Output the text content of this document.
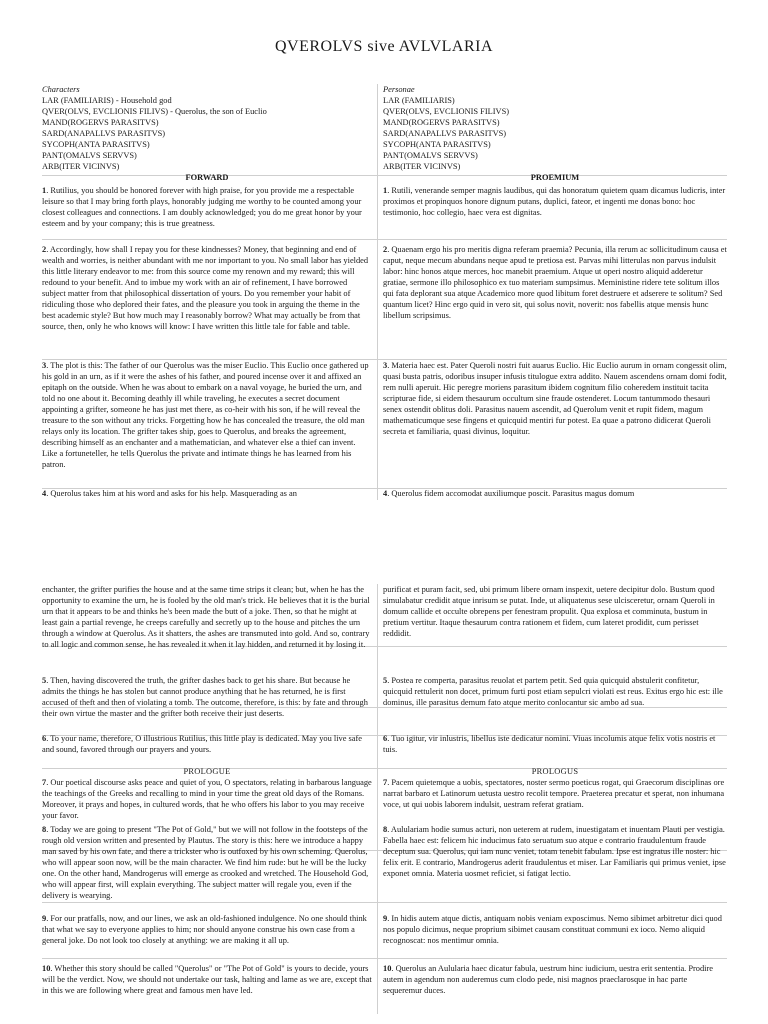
QVEROLVS sive AVLVLARIA
Characters
LAR (FAMILIARIS) - Household god
QVER(OLVS, EVCLIONIS FILIVS) - Querolus, the son of Euclio
MAND(ROGERVS PARASITVS)
SARD(ANAPALLVS PARASITVS)
SYCOPH(ANTA PARASITVS)
PANT(OMALVS SERVVS)
ARB(ITER VICINVS)
FORWARD

1. Rutilius, you should be honored forever with high praise, for you provide me a respectable leisure so that I may bring forth plays, honorably judging me worthy to be counted among your closest colleagues and connections. I am doubly acknowledged; you do me great honor by your esteem and by your company; this is true greatness.

2. Accordingly, how shall I repay you for these kindnesses? Money, that beginning and end of wealth and worries, is neither abundant with me nor important to you. No small labor has yielded this little literary endeavor to me: from this source come my renown and my reward; this will redound to your benefit. And to imbue my work with an air of refinement, I have borrowed subject matter from that philosophical dissertation of yours. Do you remember your habit of ridiculing those who deplored their fates, and the pleasure you took in arguing the theme in the best academic style? But how much may I reasonably borrow? What may actually be from that source, then, only he who knows will know: I have written this little tale for fable and table.

3. The plot is this: The father of our Querolus was the miser Euclio. This Euclio once gathered up his gold in an urn, as if it were the ashes of his father, and poured incense over it and affixed an epitaph on the outside. When he was about to embark on a naval voyage, he buried the urn, and told no one about it. Becoming deathly ill while traveling, he executes a secret document appointing a grifter, someone he has just met there, as co-heir with his son, if he will reveal the treasure to the son without any tricks. Forgetting how he has concealed the treasure, the old man relays only its location. The grifter takes ship, goes to Querolus, and breaks the agreement, describing himself as an enchanter and a mathematician, and whatever else a thief can invent. Like a fortuneteller, he tells Querolus the private and intimate things he has learned from his patron.

4. Querolus takes him at his word and asks for his help. Masquerading as an

enchanter, the grifter purifies the house and at the same time strips it clean; but, when he has the opportunity to examine the urn, he is fooled by the old man's trick. He believes that it is the burial urn that it appears to be and thinks he's been made the butt of a joke. Then, so that he might at least gain a partial revenge, he creeps carefully and secretly up to the house and pitches the urn through a window at Querolus. As it shatters, the ashes are transmuted into gold. And so, contrary to all logic and common sense, he has revealed it when it lay hidden, and returned it by losing it.

5. Then, having discovered the truth, the grifter dashes back to get his share. But because he admits the things he has stolen but cannot produce anything that he has returned, he is first accused of theft and then of violating a tomb. The outcome, therefore, is this: by fate and through their own virtue the master and the grifter both receive their just deserts.

6. To your name, therefore, O illustrious Rutilius, this little play is dedicated. May you live safe and sound, favored through our prayers and yours.

PROLOGUE

7. Our poetical discourse asks peace and quiet of you, O spectators, relating in barbarous language the teachings of the Greeks and recalling to mind in your time the great old days of the Romans. Moreover, it prays and hopes, in cultured words, that he who offers his labor to you may receive your favor.

8. Today we are going to present "The Pot of Gold," but we will not follow in the footsteps of the rough old version written and presented by Plautus. The story is this: here we introduce a happy man saved by his own fate, and there a trickster who is outfoxed by his own scheming. Querolus, who will appear soon now, will be the main character. We find him rude: but he will be the lucky one. On the other hand, Mandrogerus will emerge as crooked and wretched. The Household God, who will appear first, will explain everything. The subject matter will regale you, even if the delivery is wearying.

9. For our pratfalls, now, and our lines, we ask an old-fashioned indulgence. No one should think that what we say to everyone applies to him; nor should anyone construe his own case from a general joke. Do not look too closely at anything: we are making it all up.

10. Whether this story should be called "Querolus" or "The Pot of Gold" is yours to decide, yours will be the verdict. Now, we should not undertake our task, halting and lame as we are, except that in this we are following where great and famous men have led.

Personae
LAR (FAMILIARIS)
QVER(OLVS, EVCLIONIS FILIVS)
MAND(ROGERVS PARASITVS)
SARD(ANAPALLVS PARASITVS)
SYCOPH(ANTA PARASITVS)
PANT(OMALVS SERVVS)
ARB(ITER VICINVS)
PROEMIUM

1. Rutili, venerande semper magnis laudibus, qui das honoratum quietem quam dicamus ludicris, inter proximos et propinquos honore dignum putans, duplici, fateor, et ingenti me donas bono: hoc testimonio, hoc collegio, haec vera est dignitas.

2. Quaenam ergo his pro meritis digna referam praemia? Pecunia, illa rerum ac sollicitudinum causa et caput, neque mecum abundans neque apud te pretiosa est. Parvas mihi litterulas non parvus indulsit labor: hinc honos atque merces, hoc manebit praemium. Atque ut operi nostro aliquid adderetur gratiae, sermone illo philosophico ex tuo materiam sumpsimus. Meministine ridere tete solitum illos qui fata deplorant sua atque Academico more quod libitum foret destruere et adserere te solitum? Sed quantum licet? Hinc ergo quid in vero sit, qui solus novit, noverit: nos fabellis atque mensis hunc libellum scripsimus.

3. Materia haec est. Pater Queroli nostri fuit auarus Euclio. Hic Euclio aurum in ornam congessit olim, quasi busta patris, odoribus insuper infusis titulogue extra addito. Nauem ascendens ornam domi fodit, rem nulli aperuit. Hic peregre moriens parasitum ibidem cognitum filio coheredem instituit tacita scripturae fide, si eidem thesaurum occultum sine fraude ostenderet. Locum tantummodo thesauri senex ostendit oblitus doli. Parasitus nauem ascendit, ad Querolum venit et rupit fidem, magum mathematicumque sese fingens et quicquid mentiri fur potest. Ea quae a patrono didicerat Queroli secreta et familiaria, quasi divinus, loquitur.

4. Querolus fidem accomodat auxiliumque poscit. Parasitus magus domum

purificat et puram facit, sed, ubi primum libere ornam inspexit, uetere decipitur dolo. Bustum quod simulabatur credidit atque inrisum se putat. Inde, ut aliquatenus sese ulcisceretur, ornam Queroli in domum callide et occulte obrepens per fenestram propulit. Qua explosa et comminuta, bustum in pretium vertitur. Itaque thesaurum contra rationem et fidem, cum lateret prodidit, cum perisset reddidit.

5. Postea re comperta, parasitus reuolat et partem petit. Sed quia quicquid abstulerit confitetur, quicquid rettulerit non docet, primum furti post etiam sepulcri violati est reus. Exitus ergo hic est: ille dominus, ille parasitus demum fato atque merito conlocantur sic ambo ad sua.

6. Tuo igitur, vir inlustris, libellus iste dedicatur nomini. Viuas incolumis atque felix votis nostris et tuis.

PROLOGUS

7. Pacem quietemque a uobis, spectatores, noster sermo poeticus rogat, qui Graecorum disciplinas ore narrat barbaro et Latinorum uetusta uestro recolit tempore. Praeterea precatur et sperat, non inhumana voce, ut qui uobis laborem indulsit, uestram referat gratiam.

8. Aululariam hodie sumus acturi, non ueterem at rudem, inuestigatam et inuentam Plauti per vestigia. Fabella haec est: felicem hic inducimus fato seruatum suo atque e contrario fraudulentum fraude deceptum sua. Querolus, qui iam nunc veniet, totam tenebit fabulam. Ipse est ingratus ille noster: hic felix erit. E contrario, Mandrogerus aderit fraudulentus et miser. Lar Familiaris qui primus veniet, ipse exponet omnia. Materia uosmet reficiet, si fatigat lectio.

9. In hidis autem atque dictis, antiquam nobis veniam exposcimus. Nemo sibimet arbitretur dici quod nos populo dicimus, neque proprium sibimet causam constituat communi ex ioco. Nemo aliquid recognoscat: nos mentimur omnia.

10. Querolus an Aulularia haec dicatur fabula, uestrum hinc iudicium, uestra erit sententia. Prodire autem in agendum non auderemus cum clodo pede, nisi magnos praeclarosque in hac parte sequeremur duces.
